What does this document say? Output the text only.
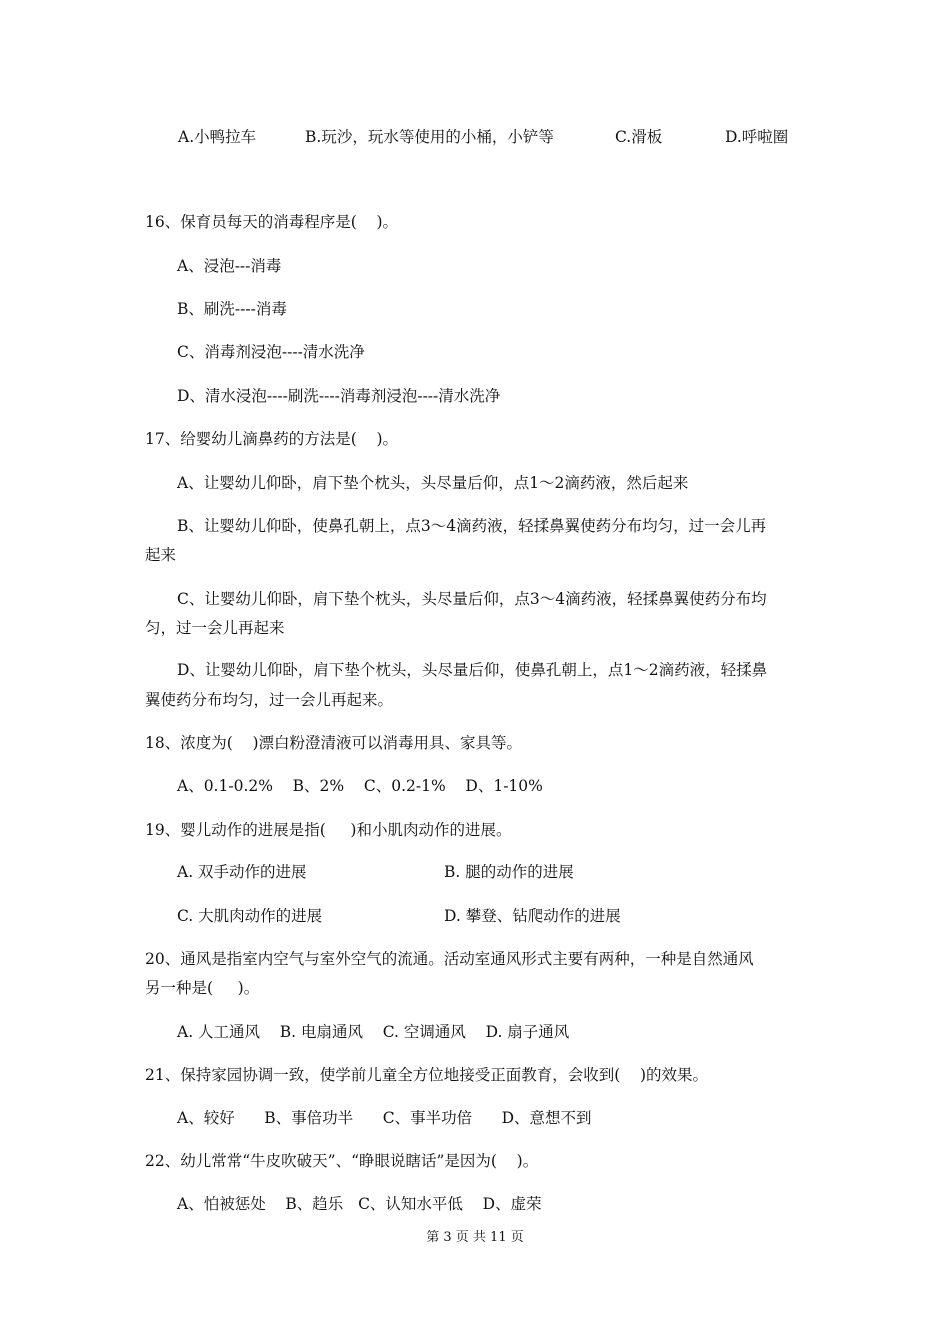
A.小鸭拉车	B.玩沙，玩水等使用的小桶，小铲等	C.滑板	D.呼啦圈
16、保育员每天的消毒程序是(    )。
A、浸泡---消毒
B、刷洗----消毒
C、消毒剂浸泡----清水洗净
D、清水浸泡----刷洗----消毒剂浸泡----清水洗净
17、给婴幼儿滴鼻药的方法是(    )。
A、让婴幼儿仰卧，肩下垫个枕头，头尽量后仰，点1～2滴药液，然后起来
B、让婴幼儿仰卧，使鼻孔朝上，点3～4滴药液，轻揉鼻翼使药分布均匀，过一会儿再
起来
C、让婴幼儿仰卧，肩下垫个枕头，头尽量后仰，点3～4滴药液，轻揉鼻翼使药分布均
匀，过一会儿再起来
D、让婴幼儿仰卧，肩下垫个枕头，头尽量后仰，使鼻孔朝上，点1～2滴药液，轻揉鼻
翼使药分布均匀，过一会儿再起来。
18、浓度为(    )漂白粉澄清液可以消毒用具、家具等。
A、0.1-0.2%    B、2%    C、0.2-1%    D、1-10%
19、婴儿动作的进展是指(     )和小肌肉动作的进展。
A. 双手动作的进展	B. 腿的动作的进展
C. 大肌肉动作的进展	D. 攀登、钻爬动作的进展
20、通风是指室内空气与室外空气的流通。活动室通风形式主要有两种，一种是自然通风
另一种是(     )。
A. 人工通风    B. 电扇通风    C. 空调通风    D. 扇子通风
21、保持家园协调一致，使学前儿童全方位地接受正面教育，会收到(    )的效果。
A、较好      B、事倍功半      C、事半功倍      D、意想不到
22、幼儿常常“牛皮吹破天”、“睁眼说瞎话”是因为(    )。
A、怕被惩处    B、趋乐   C、认知水平低    D、虚荣
第 3 页 共 11 页
